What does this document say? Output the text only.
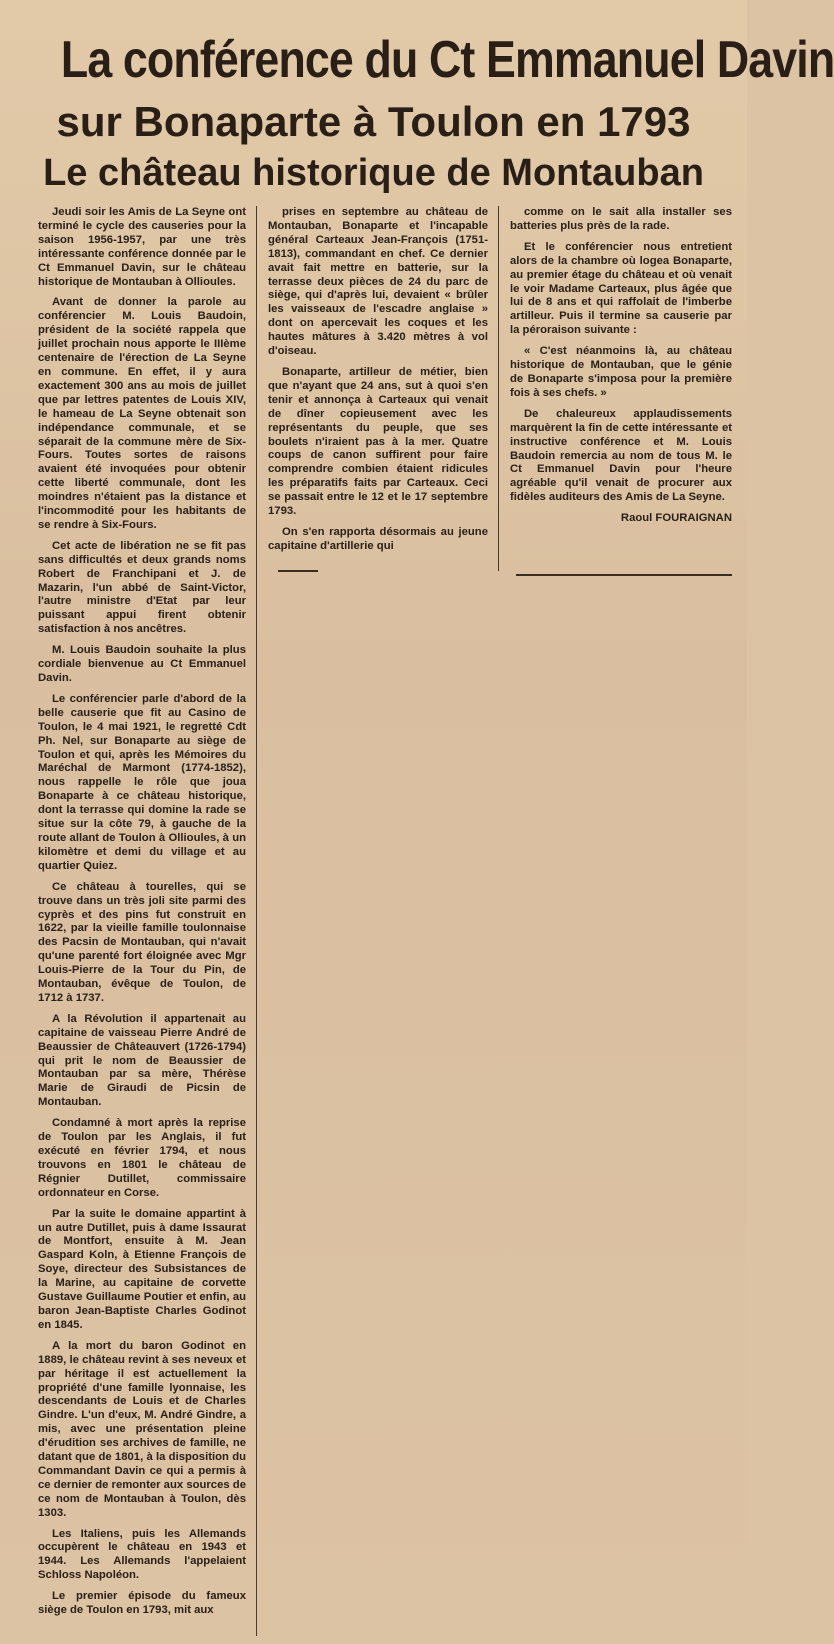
La conférence du Ct Emmanuel Davin
sur Bonaparte à Toulon en 1793
Le château historique de Montauban

Jeudi soir les Amis de La Seyne ont terminé le cycle des causeries pour la saison 1956-1957, par une très intéressante conférence donnée par le Ct Emmanuel Davin, sur le château historique de Montauban à Ollioules.

Avant de donner la parole au conférencier M. Louis Baudoin, président de la société rappela que juillet prochain nous apporte le IIIème centenaire de l'érection de La Seyne en commune. En effet, il y aura exactement 300 ans au mois de juillet que par lettres patentes de Louis XIV, le hameau de La Seyne obtenait son indépendance communale, et se séparait de la commune mère de Six-Fours. Toutes sortes de raisons avaient été invoquées pour obtenir cette liberté communale, dont les moindres n'étaient pas la distance et l'incommodité pour les habitants de se rendre à Six-Fours.

Cet acte de libération ne se fit pas sans difficultés et deux grands noms Robert de Franchipani et J. de Mazarin, l'un abbé de Saint-Victor, l'autre ministre d'Etat par leur puissant appui firent obtenir satisfaction à nos ancêtres.

M. Louis Baudoin souhaite la plus cordiale bienvenue au Ct Emmanuel Davin.

Le conférencier parle d'abord de la belle causerie que fit au Casino de Toulon, le 4 mai 1921, le regretté Cdt Ph. Nel, sur Bonaparte au siège de Toulon et qui, après les Mémoires du Maréchal de Marmont (1774-1852), nous rappelle le rôle que joua Bonaparte à ce château historique, dont la terrasse qui domine la rade se situe sur la côte 79, à gauche de la route allant de Toulon à Ollioules, à un kilomètre et demi du village et au quartier Quiez.

Ce château à tourelles, qui se trouve dans un très joli site parmi des cyprès et des pins fut construit en 1622, par la vieille famille toulonnaise des Pacsin de Montauban, qui n'avait qu'une parenté fort éloignée avec Mgr Louis-Pierre de la Tour du Pin, de Montauban, évêque de Toulon, de 1712 à 1737.

A la Révolution il appartenait au capitaine de vaisseau Pierre André de Beaussier de Châteauvert (1726-1794) qui prit le nom de Beaussier de Montauban par sa mère, Thérèse Marie de Giraudi de Picsin de Montauban.

Condamné à mort après la reprise de Toulon par les Anglais, il fut exécuté en février 1794, et nous trouvons en 1801 le château de Régnier Dutillet, commissaire ordonnateur en Corse.

Par la suite le domaine appartint à un autre Dutillet, puis à dame Issaurat de Montfort, ensuite à M. Jean Gaspard Koln, à Etienne François de Soye, directeur des Subsistances de la Marine, au capitaine de corvette Gustave Guillaume Poutier et enfin, au baron Jean-Baptiste Charles Godinot en 1845.

A la mort du baron Godinot en 1889, le château revint à ses neveux et par héritage il est actuellement la propriété d'une famille lyonnaise, les descendants de Louis et de Charles Gindre. L'un d'eux, M. André Gindre, a mis, avec une présentation pleine d'érudition ses archives de famille, ne datant que de 1801, à la disposition du Commandant Davin ce qui a permis à ce dernier de remonter aux sources de ce nom de Montauban à Toulon, dès 1303.

Les Italiens, puis les Allemands occupèrent le château en 1943 et 1944. Les Allemands l'appelaient Schloss Napoléon.

Le premier épisode du fameux siège de Toulon en 1793, mit aux

prises en septembre au château de Montauban, Bonaparte et l'incapable général Carteaux Jean-François (1751-1813), commandant en chef. Ce dernier avait fait mettre en batterie, sur la terrasse deux pièces de 24 du parc de siège, qui d'après lui, devaient « brûler les vaisseaux de l'escadre anglaise » dont on apercevait les coques et les hautes mâtures à 3.420 mètres à vol d'oiseau.

Bonaparte, artilleur de métier, bien que n'ayant que 24 ans, sut à quoi s'en tenir et annonça à Carteaux qui venait de dîner copieusement avec les représentants du peuple, que ses boulets n'iraient pas à la mer. Quatre coups de canon suffirent pour faire comprendre combien étaient ridicules les préparatifs faits par Carteaux. Ceci se passait entre le 12 et le 17 septembre 1793.

On s'en rapporta désormais au jeune capitaine d'artillerie qui

comme on le sait alla installer ses batteries plus près de la rade.

Et le conférencier nous entretient alors de la chambre où logea Bonaparte, au premier étage du château et où venait le voir Madame Carteaux, plus âgée que lui de 8 ans et qui raffolait de l'imberbe artilleur. Puis il termine sa causerie par la péroraison suivante :

« C'est néanmoins là, au château historique de Montauban, que le génie de Bonaparte s'imposa pour la première fois à ses chefs. »

De chaleureux applaudissements marquèrent la fin de cette intéressante et instructive conférence et M. Louis Baudoin remercia au nom de tous M. le Ct Emmanuel Davin pour l'heure agréable qu'il venait de procurer aux fidèles auditeurs des Amis de La Seyne.

Raoul FOURAIGNAN
